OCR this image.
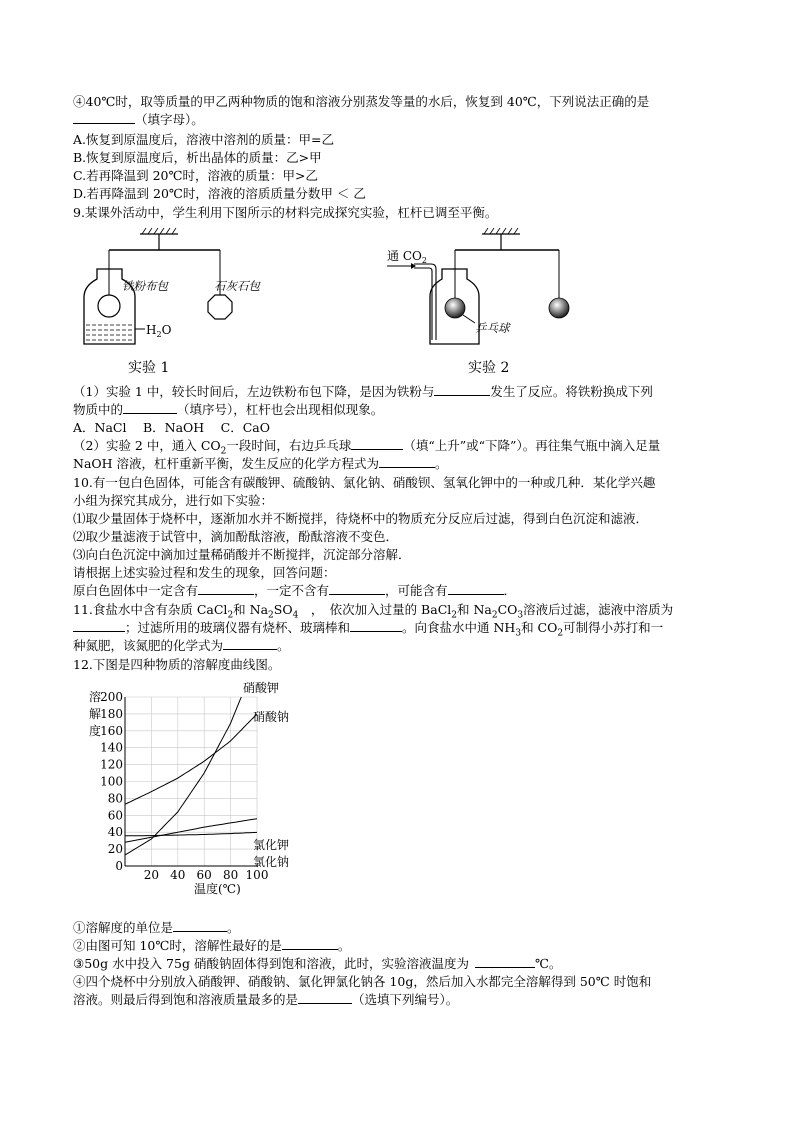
④40℃时，取等质量的甲乙两种物质的饱和溶液分别蒸发等量的水后，恢复到 40℃，下列说法正确的是
（填字母）。
A.恢复到原温度后，溶液中溶剂的质量：甲=乙
B.恢复到原温度后，析出晶体的质量：乙>甲
C.若再降温到 20℃时，溶液的质量：甲>乙
D.若再降温到 20℃时，溶液的溶质质量分数甲 ＜ 乙
9.某课外活动中，学生利用下图所示的材料完成探究实验，杠杆已调至平衡。
$H_2O$
铁粉布包	石灰石包
实验 1
通 $CO_2$
乒乓球
实验 2
（1）实验 1 中，较长时间后，左边铁粉布包下降，是因为铁粉与	发生了反应。将铁粉换成下列
物质中的	（填序号），杠杆也会出现相似现象。
A．NaCl　 B．NaOH　 C．CaO
（2）实验 2 中，通入 $CO_2$一段时间，右边乒乓球	（填“上升”或“下降”）。再往集气瓶中滴入足量
NaOH 溶液，杠杆重新平衡，发生反应的化学方程式为	。
10.有一包白色固体，可能含有碳酸钾、硫酸钠、氯化钠、硝酸钡、氢氧化钾中的一种或几种．某化学兴趣
小组为探究其成分，进行如下实验：
⑴取少量固体于烧杯中，逐渐加水并不断搅拌，待烧杯中的物质充分反应后过滤，得到白色沉淀和滤液．
⑵取少量滤液于试管中，滴加酚酞溶液，酚酞溶液不变色．
⑶向白色沉淀中滴加过量稀硝酸并不断搅拌，沉淀部分溶解．
请根据上述实验过程和发生的现象，回答问题：
原白色固体中一定含有	，一定不含有	，可能含有	．
11.食盐水中含有杂质 CaCl$_2$和 $Na_2SO_4$　，　依次加入过量的 BaCl$_2$和 $Na_2CO_3$溶液后过滤，滤液中溶质为
；过滤所用的玻璃仪器有烧杯、玻璃棒和	。向食盐水中通 $NH_3$和 $CO_2$可制得小苏打和一
种氮肥，该氮肥的化学式为	。
12.下图是四种物质的溶解度曲线图。
0
20
40
60
80
100
120
140
160
180
200
20 40 60 80 100
溶
解
度
温度(℃)
硝酸钾
硝酸钠
氯化钾
氯化钠
①溶解度的单位是	。
②由图可知 10℃时，溶解性最好的是	。
③50g 水中投入 75g 硝酸钠固体得到饱和溶液，此时，实验溶液温度为	℃。
④四个烧杯中分别放入硝酸钾、硝酸钠、氯化钾氯化钠各 10g，然后加入水都完全溶解得到 50℃ 时饱和
溶液。则最后得到饱和溶液质量最多的是	（选填下列编号）。
